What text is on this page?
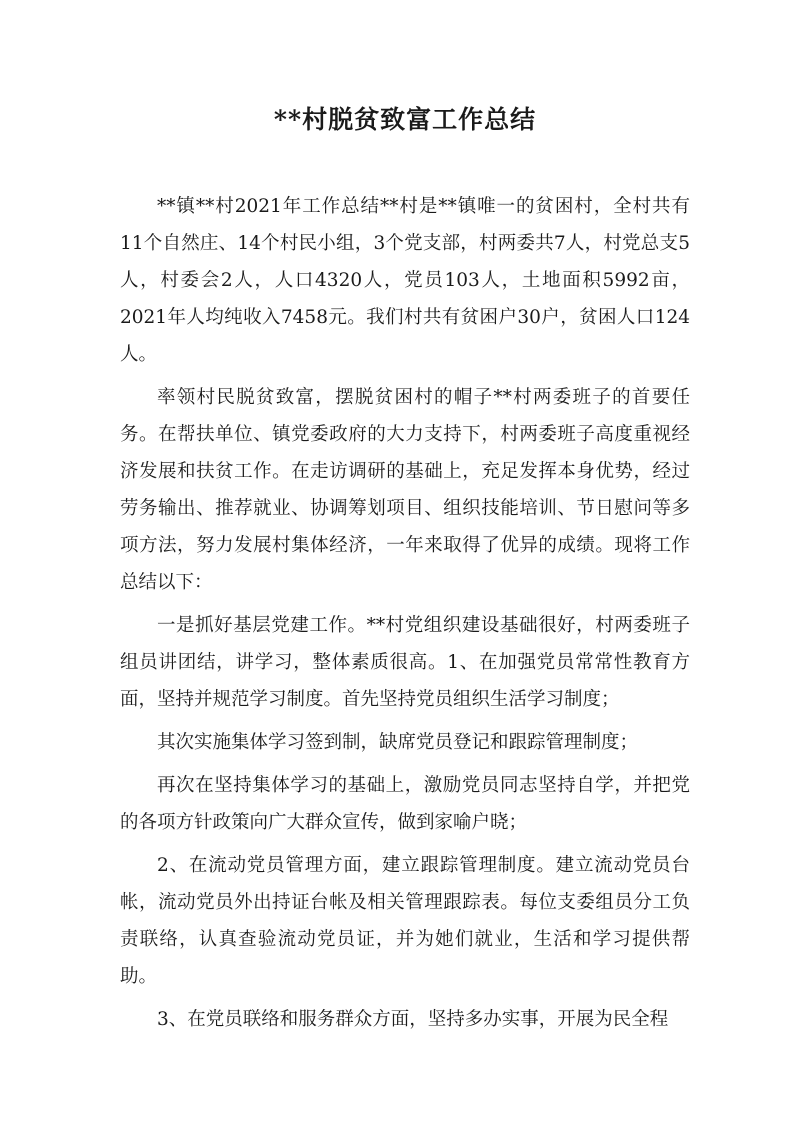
**村脱贫致富工作总结

**镇**村2021年工作总结**村是**镇唯一的贫困村，全村共有11个自然庄、14个村民小组，3个党支部，村两委共7人，村党总支5人，村委会2人，人口4320人，党员103人，土地面积5992亩，2021年人均纯收入7458元。我们村共有贫困户30户，贫困人口124人。

率领村民脱贫致富，摆脱贫困村的帽子**村两委班子的首要任务。在帮扶单位、镇党委政府的大力支持下，村两委班子高度重视经济发展和扶贫工作。在走访调研的基础上，充足发挥本身优势，经过劳务输出、推荐就业、协调筹划项目、组织技能培训、节日慰问等多项方法，努力发展村集体经济，一年来取得了优异的成绩。现将工作总结以下：

一是抓好基层党建工作。**村党组织建设基础很好，村两委班子组员讲团结，讲学习，整体素质很高。1、在加强党员常常性教育方面，坚持并规范学习制度。首先坚持党员组织生活学习制度；

其次实施集体学习签到制，缺席党员登记和跟踪管理制度；

再次在坚持集体学习的基础上，激励党员同志坚持自学，并把党的各项方针政策向广大群众宣传，做到家喻户晓；

2、在流动党员管理方面，建立跟踪管理制度。建立流动党员台帐，流动党员外出持证台帐及相关管理跟踪表。每位支委组员分工负责联络，认真查验流动党员证，并为她们就业，生活和学习提供帮助。

3、在党员联络和服务群众方面，坚持多办实事，开展为民全程
